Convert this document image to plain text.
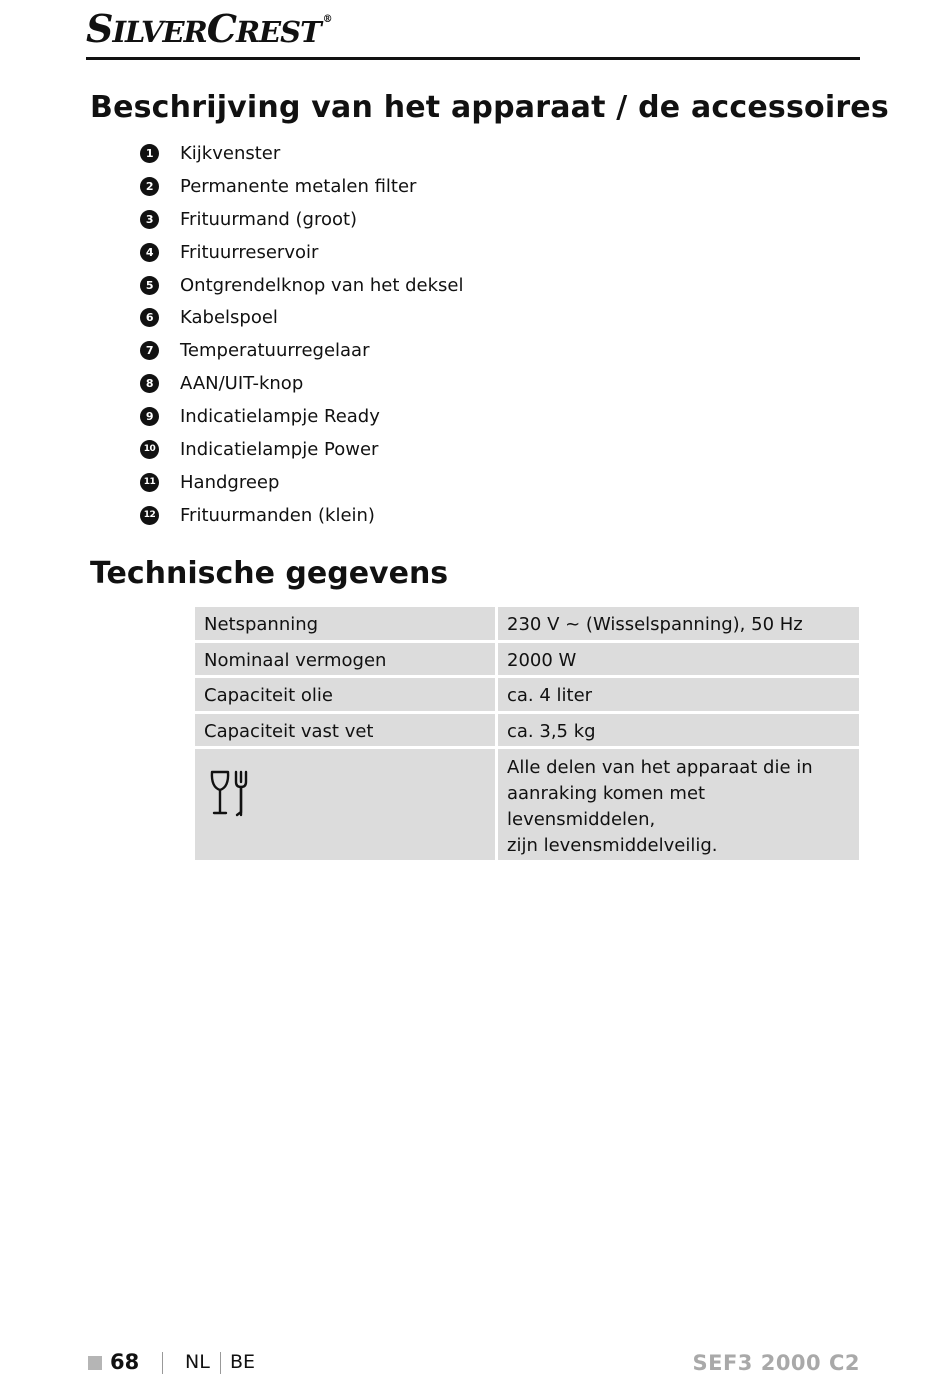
SILVERCREST ®
Beschrijving van het apparaat / de accessoires
1	Kijkvenster
2	Permanente metalen filter
3	Frituurmand (groot)
4	Frituurreservoir
5	Ontgrendelknop van het deksel
6	Kabelspoel
7	Temperatuurregelaar
8	AAN/UIT-knop
9	Indicatielampje Ready
10 Indicatielampje Power
11 Handgreep
12 Frituurmanden (klein)
Technische gegevens
Netspanning	230 V ~ (Wisselspanning), 50 Hz
Nominaal vermogen	2000 W
Capaciteit olie	ca. 4 liter
Capaciteit vast vet	ca. 3,5 kg

Alle delen van het apparaat die in
aanraking komen met levensmiddelen,
zijn levensmiddelveilig.
68 NL BE	SEF3 2000 C2
